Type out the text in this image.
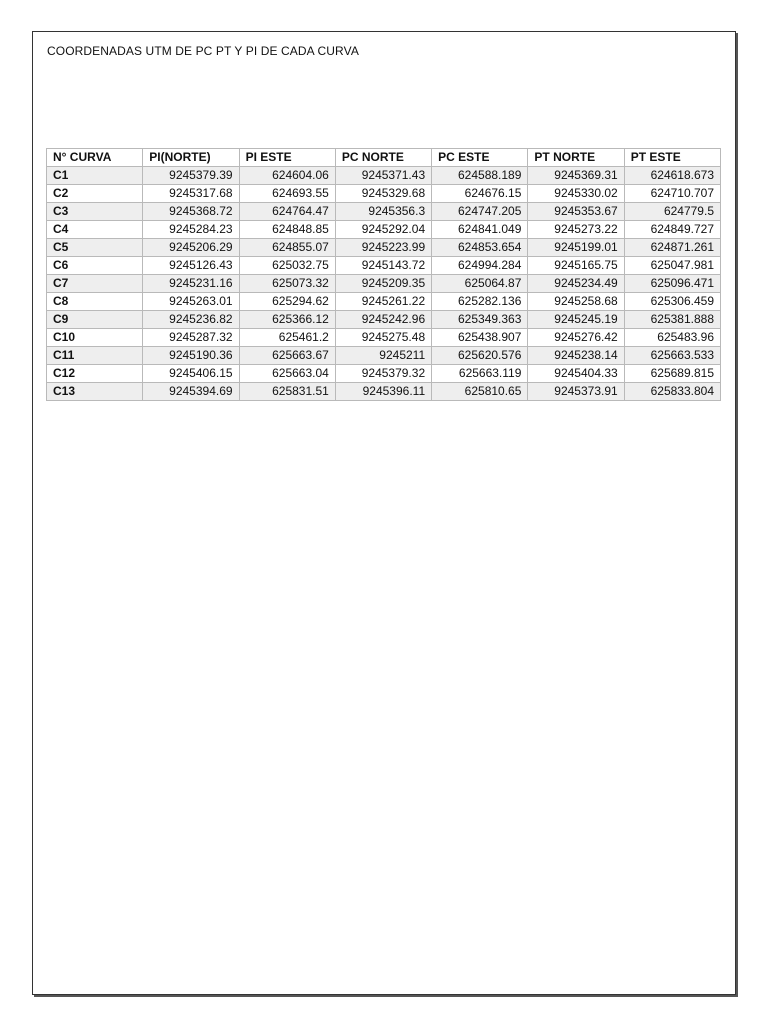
COORDENADAS UTM DE PC PT Y PI DE CADA CURVA
N° CURVA	PI(NORTE)	PI ESTE	PC NORTE	PC ESTE	PT NORTE	PT ESTE
C1	9245379.39	624604.06	9245371.43	624588.189	9245369.31	624618.673
C2	9245317.68	624693.55	9245329.68	624676.15	9245330.02	624710.707
C3	9245368.72	624764.47	9245356.3	624747.205	9245353.67	624779.5
C4	9245284.23	624848.85	9245292.04	624841.049	9245273.22	624849.727
C5	9245206.29	624855.07	9245223.99	624853.654	9245199.01	624871.261
C6	9245126.43	625032.75	9245143.72	624994.284	9245165.75	625047.981
C7	9245231.16	625073.32	9245209.35	625064.87	9245234.49	625096.471
C8	9245263.01	625294.62	9245261.22	625282.136	9245258.68	625306.459
C9	9245236.82	625366.12	9245242.96	625349.363	9245245.19	625381.888
C10	9245287.32	625461.2	9245275.48	625438.907	9245276.42	625483.96
C11	9245190.36	625663.67	9245211	625620.576	9245238.14	625663.533
C12	9245406.15	625663.04	9245379.32	625663.119	9245404.33	625689.815
C13	9245394.69	625831.51	9245396.11	625810.65	9245373.91	625833.804
